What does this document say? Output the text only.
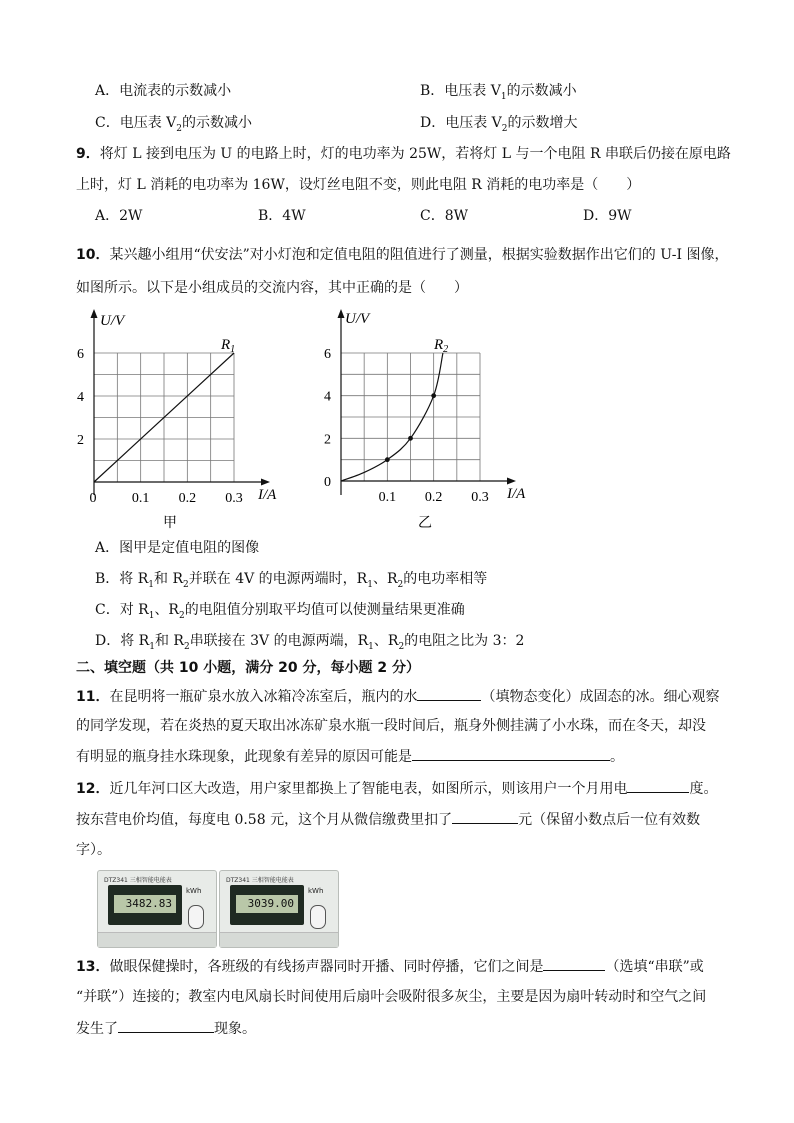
A．电流表的示数减小	B．电压表 $V_1$的示数减小
C．电压表 $V_2$的示数减小	D．电压表 $V_2$的示数增大
9．将灯 L 接到电压为 U 的电路上时，灯的电功率为 25W，若将灯 L 与一个电阻 R 串联后仍接在原电路
上时，灯 L 消耗的电功率为 16W，设灯丝电阻不变，则此电阻 R 消耗的电功率是（　　）
A．2W	B．4W	C．8W	D．9W
10．某兴趣小组用“伏安法”对小灯泡和定值电阻的阻值进行了测量，根据实验数据作出它们的 U-I 图像，
如图所示。以下是小组成员的交流内容，其中正确的是（　　）
0	0.1 0.2 0.3
2
4
6
U/V
I/A
$R_1$
甲
0.1 0.2 0.3
0
2
4
6
U/V
I/A
$R_2$
乙
A．图甲是定值电阻的图像
B．将 $R_1$和 $R_2$并联在 4V 的电源两端时，$R_1$、$R_2$的电功率相等
C．对 $R_1$、$R_2$的电阻值分别取平均值可以使测量结果更准确
D．将 $R_1$和 $R_2$串联接在 3V 的电源两端，$R_1$、$R_2$的电阻之比为 3：2
二、填空题（共 10 小题，满分 20 分，每小题 2 分）
11．在昆明将一瓶矿泉水放入冰箱冷冻室后，瓶内的水	（填物态变化）成固态的冰。细心观察
的同学发现，若在炎热的夏天取出冰冻矿泉水瓶一段时间后，瓶身外侧挂满了小水珠，而在冬天，却没
有明显的瓶身挂水珠现象，此现象有差异的原因可能是	。
12．近几年河口区大改造，用户家里都换上了智能电表，如图所示，则该用户一个月用电	度。
按东营电价均值，每度电 0.58 元，这个月从微信缴费里扣了	元（保留小数点后一位有效数
字）。
DTZ341 三相智能电能表
3482.83
kWh
DTZ341 三相智能电能表
3039.00
kWh
13．做眼保健操时，各班级的有线扬声器同时开播、同时停播，它们之间是	（选填“串联”或
“并联”）连接的；教室内电风扇长时间使用后扇叶会吸附很多灰尘，主要是因为扇叶转动时和空气之间
发生了	现象。
